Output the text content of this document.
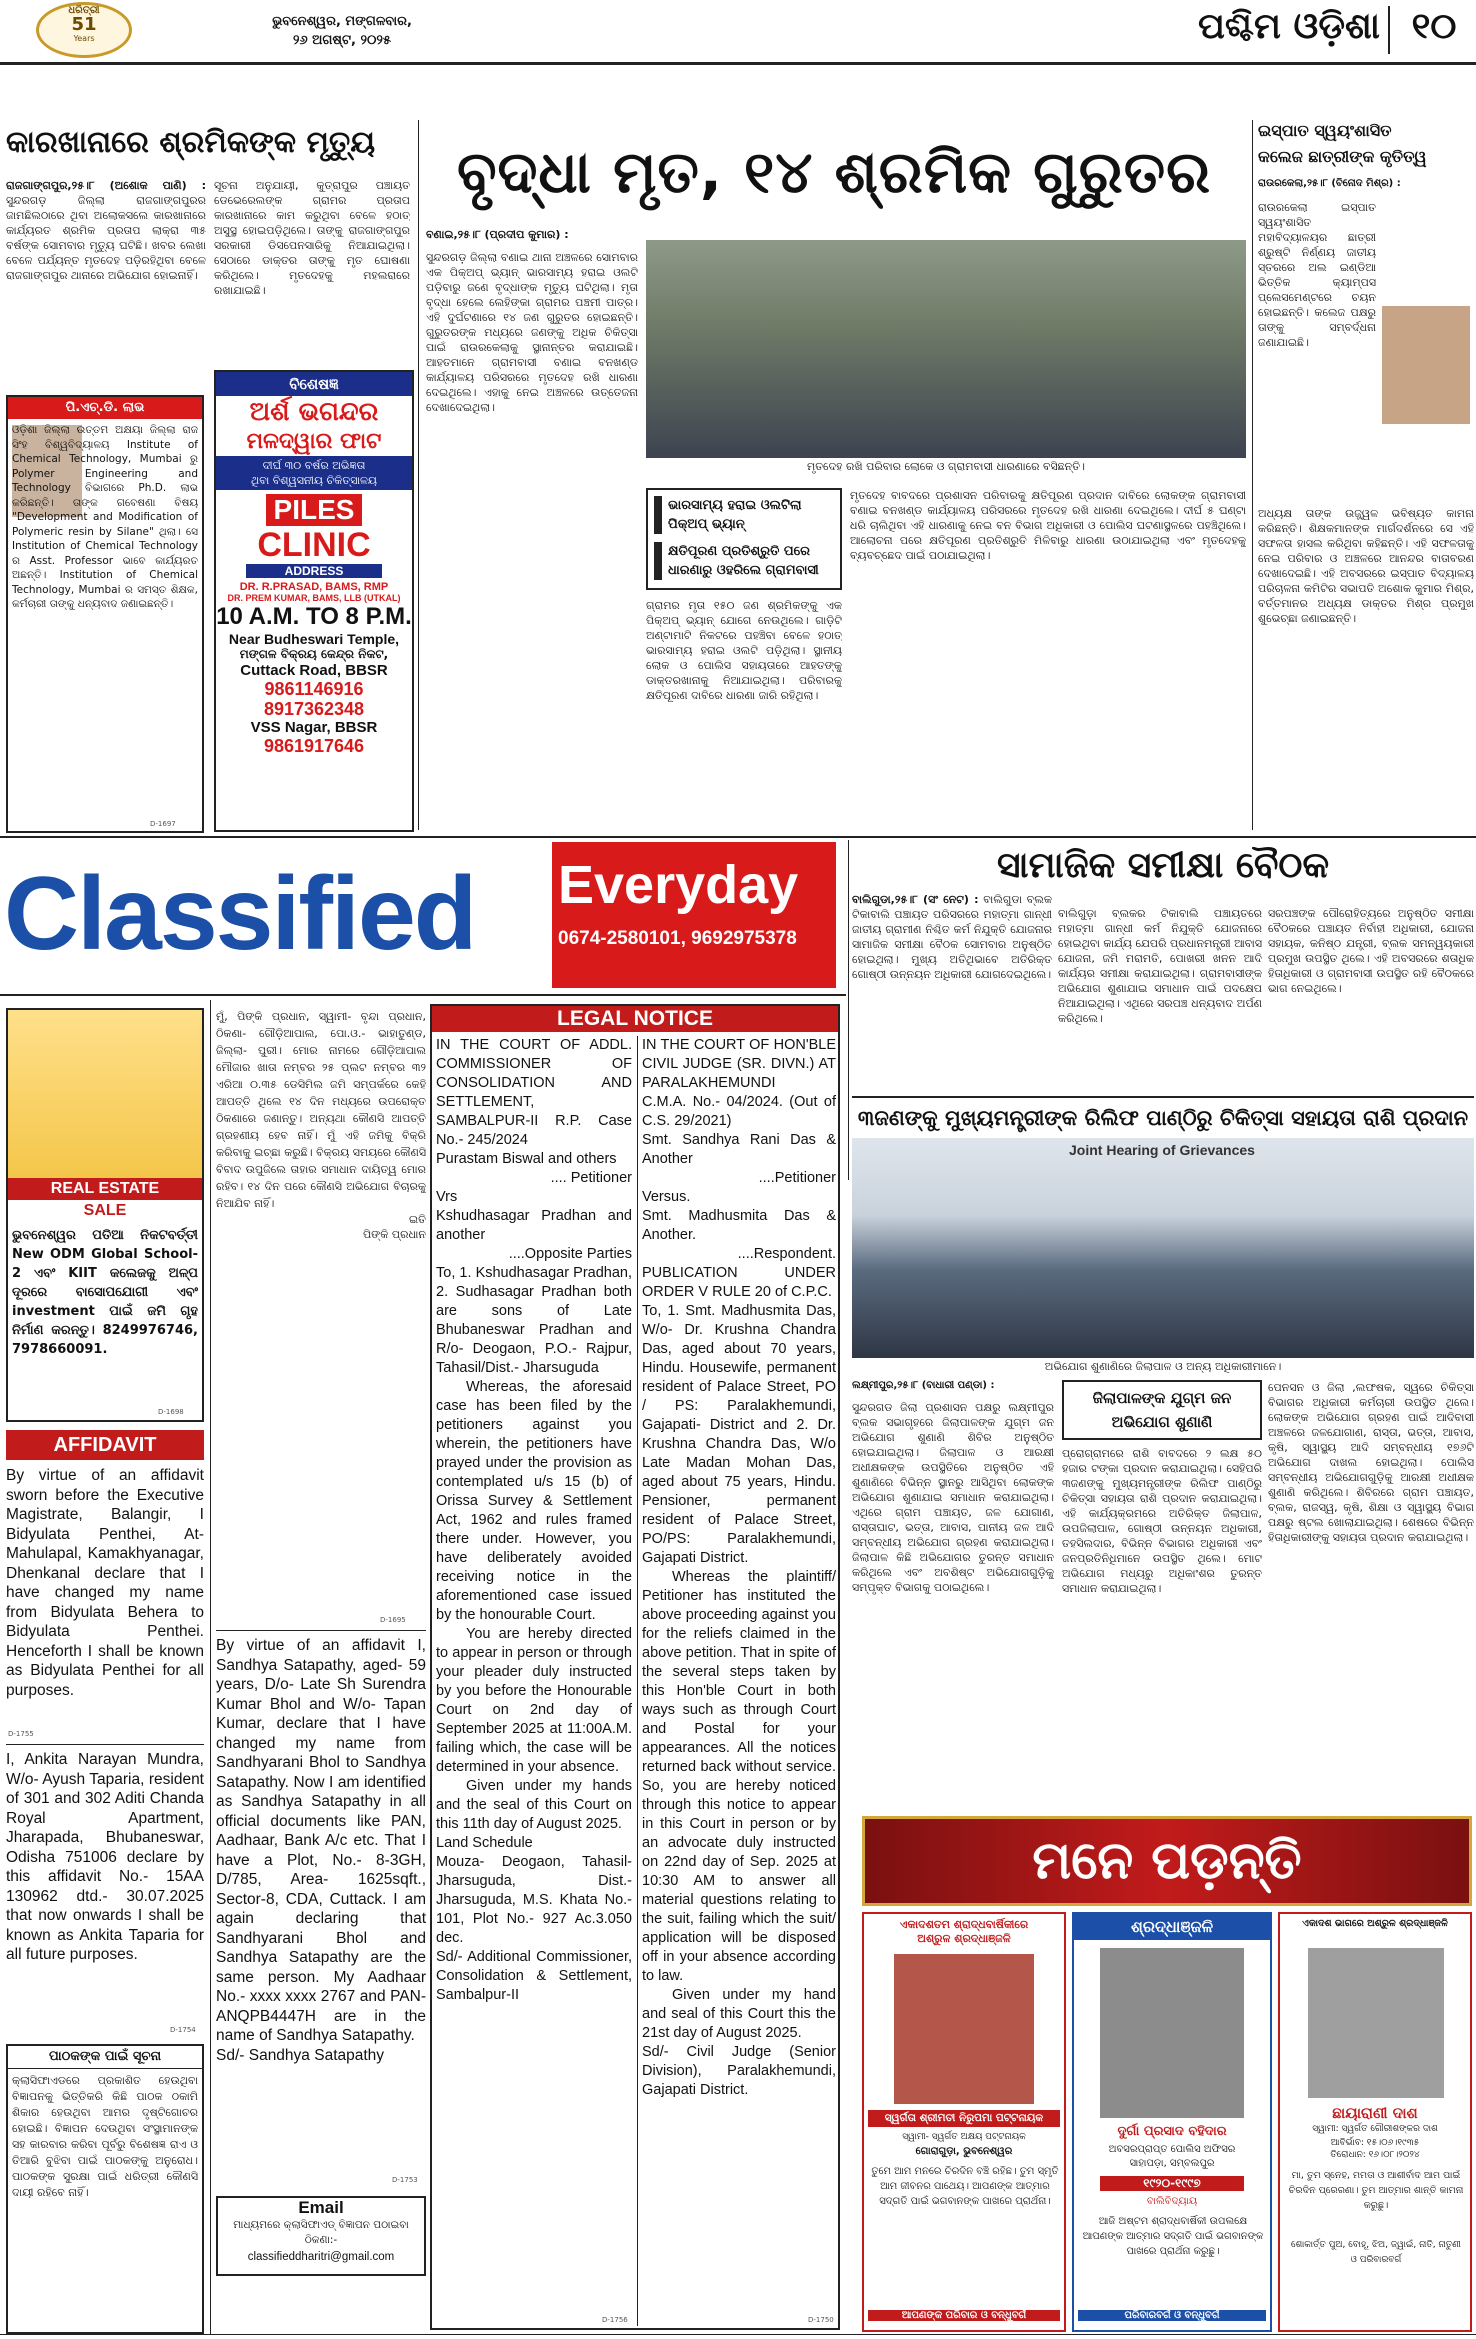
ଧରିତ୍ରୀ
51
Years
ଭୁବନେଶ୍ୱର, ମଙ୍ଗଳବାର,
୨୬ ଅଗଷ୍ଟ, ୨୦୨୫	ପଶ୍ଚିମ ଓଡ଼ିଶା ୧୦
କାରଖାନାରେ ଶ୍ରମିକଙ୍କ ମୃତ୍ୟୁ
ରାଜଗାଙ୍ଗପୁର,୨୫।୮ (ଅଶୋକ ପାଣି) : ସୁନ୍ଦରଗଡ଼ ଜିଲ୍ଲା ରାଜଗାଙ୍ଗପୁରର ଜାମଛିଲଠାରେ ଥିବା ଅଲୋକସଲେ କାରଖାନାରେ କାର୍ଯ୍ୟରତ ଶ୍ରମିକ ପ୍ରତାପ ଲାକ୍ରା ୩୫ ବର୍ଷଙ୍କ ସୋମବାର ମୃତ୍ୟୁ ଘଟିଛି। ଖବର ଲେଖା ବେଳେ ପର୍ଯ୍ୟନ୍ତ ମୃତଦେହ ପଡ଼ିରହିଥିବା ବେଳେ ରାଜଗାଙ୍ଗପୁର ଥାନାରେ ଅଭିଯୋଗ ହୋଇନାହିଁ।
ସୂଚନା ଅନୁଯାୟୀ, କୁତ୍ରାପୁର ପଞ୍ଚାୟତ ଡେଭେରେଲଙ୍କ ଗ୍ରାମର ପ୍ରତାପ କାରଖାନାରେ କାମ କରୁଥିବା ବେଳେ ହଠାତ୍ ଅସୁସ୍ଥ ହୋଇପଡ଼ିଥିଲେ। ତାଙ୍କୁ ରାଜଗାଙ୍ଗପୁର ସରକାରୀ ଡିସପେନସାରିକୁ ନିଆଯାଇଥିଲା। ସେଠାରେ ଡାକ୍ତର ତାଙ୍କୁ ମୃତ ଘୋଷଣା କରିଥିଲେ। ମୃତଦେହକୁ ମହଲରାରେ ରଖାଯାଇଛି।
ପି.ଏଚ୍.ଡି. ଲାଭ
ଓଡ଼ିଶା ଜିଲ୍ଲା ଉତ୍ତମ ଅକ୍ଷୟା ଜିଲ୍ଲା ରାଜ ସିଂହ ବିଶ୍ୱବିଦ୍ୟାଳୟ Institute of Chemical Technology, Mumbai ରୁ Polymer Engineering and Technology ବିଭାଗରେ Ph.D. ଲାଭ କରିଛନ୍ତି। ତାଙ୍କ ଗବେଷଣା ବିଷୟ "Development and Modification of Polymeric resin by Silane" ଥିଲା। ସେ Institution of Chemical Technology ର Asst. Professor ଭାବେ କାର୍ଯ୍ୟରତ ଅଛନ୍ତି। Institution of Chemical Technology, Mumbai ର ସମସ୍ତ ଶିକ୍ଷକ, କର୍ମଚାରୀ ତାଙ୍କୁ ଧନ୍ୟବାଦ ଜଣାଇଛନ୍ତି।
D-1697
ବିଶେଷଜ୍ଞ
ଅର୍ଶ ଭଗନ୍ଦର
ମଳଦ୍ୱାର ଫାଟ
ଦୀର୍ଘ ୩୦ ବର୍ଷର ଅଭିଜ୍ଞତା
ଥିବା ବିଶ୍ୱସନୀୟ ଚିକିତ୍ସାଳୟ
PILES
CLINIC
ADDRESS
DR. R.PRASAD, BAMS, RMP
DR. PREM KUMAR, BAMS, LLB (UTKAL)
10 A.M. TO 8 P.M.
Near Budheswari Temple,
ମଙ୍ଗଳ ବିକ୍ରୟ କେନ୍ଦ୍ର ନିକଟ,
Cuttack Road, BBSR
9861146916
8917362348
VSS Nagar, BBSR
9861917646
ବୃଦ୍ଧା ମୃତ, ୧୪ ଶ୍ରମିକ ଗୁରୁତର
ବଣାଇ,୨୫।୮ (ପ୍ରଦୀପ କୁମାର) :
ସୁନ୍ଦରଗଡ଼ ଜିଲ୍ଲା ବଣାଇ ଥାନା ଅଞ୍ଚଳରେ ସୋମବାର ଏକ ପିକ୍‌ଅପ୍ ଭ୍ୟାନ୍ ଭାରସାମ୍ୟ ହରାଇ ଓଲଟି ପଡ଼ିବାରୁ ଜଣେ ବୃଦ୍ଧାଙ୍କ ମୃତ୍ୟୁ ଘଟିଥିଲା। ମୃତା ବୃଦ୍ଧା ହେଲେ ଲେହିଙ୍କା ଗ୍ରାମର ପଞ୍ଚମୀ ପାତ୍ର। ଏହି ଦୁର୍ଘଟଣାରେ ୧୪ ଜଣ ଗୁରୁତର ହୋଇଛନ୍ତି। ଗୁରୁତରଙ୍କ ମଧ୍ୟରେ ଜଣଙ୍କୁ ଅଧିକ ଚିକିତ୍ସା ପାଇଁ ରାଉରକେଲାକୁ ସ୍ଥାନାନ୍ତର କରାଯାଇଛି। ଆହତମାନେ ଗ୍ରାମବାସୀ ବଣାଇ ବନଖଣ୍ଡ କାର୍ଯ୍ୟାଳୟ ପରିସରରେ ମୃତଦେହ ରଖି ଧାରଣା ଦେଇଥିଲେ। ଏହାକୁ ନେଇ ଅଞ୍ଚଳରେ ଉତ୍ତେଜନା ଦେଖାଦେଇଥିଲା।
ମୃତଦେହ ରଖି ପରିବାର ଲୋକେ ଓ ଗ୍ରାମବାସୀ ଧାରଣାରେ ବସିଛନ୍ତି।
ଭାରସାମ୍ୟ ହରାଇ ଓଲଟିଲା ପିକ୍‌ଅପ୍ ଭ୍ୟାନ୍
କ୍ଷତିପୂରଣ ପ୍ରତିଶ୍ରୁତି ପରେ ଧାରଣାରୁ ଓହରିଲେ ଗ୍ରାମବାସୀ
ଗ୍ରାମର ମୃତା ୧୫୦ ଜଣ ଶ୍ରମିକଙ୍କୁ ଏକ ପିକ୍‌ଅପ୍ ଭ୍ୟାନ୍ ଯୋଗେ ନେଉଥିଲେ। ଗାଡ଼ିଟି ଅଣ୍ଟାମାଟି ନିକଟରେ ପହଞ୍ଚିବା ବେଳେ ହଠାତ୍ ଭାରସାମ୍ୟ ହରାଇ ଓଲଟି ପଡ଼ିଥିଲା। ସ୍ଥାନୀୟ ଲୋକ ଓ ପୋଲିସ ସହାୟତାରେ ଆହତଙ୍କୁ ଡାକ୍ତରଖାନାକୁ ନିଆଯାଇଥିଲା। ପରିବାରକୁ କ୍ଷତିପୂରଣ ଦାବିରେ ଧାରଣା ଜାରି ରହିଥିଲା।
ମୃତଦେହ ବାବଦରେ ପ୍ରଶାସନ ପରିବାରକୁ କ୍ଷତିପୂରଣ ପ୍ରଦାନ ଦାବିରେ ଲୋକଙ୍କ ଗ୍ରାମବାସୀ ବଣାଇ ବନଖଣ୍ଡ କାର୍ଯ୍ୟାଳୟ ପରିସରରେ ମୃତଦେହ ରଖି ଧାରଣା ଦେଇଥିଲେ। ଦୀର୍ଘ ୫ ଘଣ୍ଟା ଧରି ଚାଲିଥିବା ଏହି ଧାରଣାକୁ ନେଇ ବନ ବିଭାଗ ଅଧିକାରୀ ଓ ପୋଲିସ ଘଟଣାସ୍ଥଳରେ ପହଞ୍ଚିଥିଲେ। ଆଲୋଚନା ପରେ କ୍ଷତିପୂରଣ ପ୍ରତିଶ୍ରୁତି ମିଳିବାରୁ ଧାରଣା ଉଠାଯାଇଥିଲା ଏବଂ ମୃତଦେହକୁ ବ୍ୟବଚ୍ଛେଦ ପାଇଁ ପଠାଯାଇଥିଲା।
ଇସ୍ପାତ ସ୍ୱୟଂଶାସିତ
କଲେଜ ଛାତ୍ରୀଙ୍କ କୃତିତ୍ୱ
ରାଉରକେଲା,୨୫।୮ (ବିନୋଦ ମିଶ୍ର) :
ରାଉରକେଲା ଇସ୍ପାତ ସ୍ୱୟଂଶାସିତ ମହାବିଦ୍ୟାଳୟର ଛାତ୍ରୀ ଶ୍ରୁଷ୍ଟି ନିର୍ଣ୍ଣୟ ଜାତୀୟ ସ୍ତରରେ ଅଲ ଇଣ୍ଡିଆ ଭିତ୍ତିକ କ୍ୟାମ୍ପସ ପ୍ଲେସମେଣ୍ଟରେ ଚୟନ ହୋଇଛନ୍ତି। କଲେଜ ପକ୍ଷରୁ ତାଙ୍କୁ ସମ୍ବର୍ଦ୍ଧନା ଜଣାଯାଇଛି।
ଅଧ୍ୟକ୍ଷ ତାଙ୍କ ଉଜ୍ଜ୍ୱଳ ଭବିଷ୍ୟତ କାମନା କରିଛନ୍ତି। ଶିକ୍ଷକମାନଙ୍କ ମାର୍ଗଦର୍ଶନରେ ସେ ଏହି ସଫଳତା ହାସଲ କରିଥିବା କହିଛନ୍ତି। ଏହି ସଫଳତାକୁ ନେଇ ପରିବାର ଓ ଅଞ୍ଚଳରେ ଆନନ୍ଦର ବାତାବରଣ ଦେଖାଦେଇଛି। ଏହି ଅବସରରେ ଇସ୍ପାତ ବିଦ୍ୟାଳୟ ପରିଚାଳନା କମିଟିର ସଭାପତି ଅଶୋକ କୁମାର ମିଶ୍ର, ବର୍ତ୍ତମାନର ଅଧ୍ୟକ୍ଷ ଡାକ୍ତର ମିଶ୍ର ପ୍ରମୁଖ ଶୁଭେଚ୍ଛା ଜଣାଇଛନ୍ତି।
Classified Everyday
0674-2580101, 9692975378
ସାମାଜିକ ସମୀକ୍ଷା ବୈଠକ
ବାଲିଗୁଡା,୨୫।୮ (ସଂ ନେଟ) : ବାଲିଗୁଡା ବ୍ଲକ ଟିକାବାଲି ପଞ୍ଚାୟତ ପରିସରରେ ମହାତ୍ମା ଗାନ୍ଧୀ ଜାତୀୟ ଗ୍ରାମୀଣ ନିଶ୍ଚିତ କର୍ମ ନିଯୁକ୍ତି ଯୋଜନାର ସାମାଜିକ ସମୀକ୍ଷା ବୈଠକ ସୋମବାର ଅନୁଷ୍ଠିତ ହୋଇଥିଲା। ମୁଖ୍ୟ ଅତିଥିଭାବେ ଅତିରିକ୍ତ ଗୋଷ୍ଠୀ ଉନ୍ନୟନ ଅଧିକାରୀ ଯୋଗଦେଇଥିଲେ।
ବାଲିଗୁଡ଼ା ବ୍ଲକର ଟିକାବାଲି ପଞ୍ଚାୟତରେ ମହାତ୍ମା ଗାନ୍ଧୀ କର୍ମ ନିଯୁକ୍ତି ଯୋଜନାରେ ହୋଇଥିବା କାର୍ଯ୍ୟ ଯେପରି ପ୍ରଧାନମନ୍ତ୍ରୀ ଆବାସ ଯୋଜନା, ଜମି ମରାମତି, ପୋଖରୀ ଖନନ ଆଦି କାର୍ଯ୍ୟର ସମୀକ୍ଷା କରାଯାଇଥିଲା। ଗ୍ରାମବାସୀଙ୍କ ଅଭିଯୋଗ ଶୁଣାଯାଇ ସମାଧାନ ପାଇଁ ପଦକ୍ଷେପ ନିଆଯାଇଥିଲା। ଏଥିରେ ସରପଞ୍ଚ ଧନ୍ୟବାଦ ଅର୍ପଣ କରିଥିଲେ।
ସରପଞ୍ଚଙ୍କ ପୌରୋହିତ୍ୟରେ ଅନୁଷ୍ଠିତ ସମୀକ୍ଷା ବୈଠକରେ ପଞ୍ଚାୟତ ନିର୍ବାହୀ ଅଧିକାରୀ, ଯୋଜନା ସହାୟକ, କନିଷ୍ଠ ଯନ୍ତ୍ରୀ, ବ୍ଲକ ସମନ୍ୱୟକାରୀ ପ୍ରମୁଖ ଉପସ୍ଥିତ ଥିଲେ। ଏହି ଅବସରରେ ଶତାଧିକ ହିତାଧିକାରୀ ଓ ଗ୍ରାମବାସୀ ଉପସ୍ଥିତ ରହି ବୈଠକରେ ଭାଗ ନେଇଥିଲେ।
୩ଜଣଙ୍କୁ ମୁଖ୍ୟମନ୍ତ୍ରୀଙ୍କ ରିଲିଫ ପାଣ୍ଠିରୁ ଚିକିତ୍ସା ସହାୟତା ରାଶି ପ୍ରଦାନ
Joint Hearing of Grievances
ଅଭିଯୋଗ ଶୁଣାଣିରେ ଜିଲାପାଳ ଓ ଅନ୍ୟ ଅଧିକାରୀମାନେ।
ଲକ୍ଷ୍ମୀପୁର,୨୫।୮ (ବାଧାରୀ ପଣ୍ଡା) :
ଜିଲାପାଳଙ୍କ ଯୁଗ୍ମ ଜନ
ଅଭିଯୋଗ ଶୁଣାଣି
ସୁନ୍ଦରଗଡ ଜିଲା ପ୍ରଶାସନ ପକ୍ଷରୁ ଲକ୍ଷ୍ମୀପୁର ବ୍ଲକ ସଭାଗୃହରେ ଜିଲାପାଳଙ୍କ ଯୁଗ୍ମ ଜନ ଅଭିଯୋଗ ଶୁଣାଣି ଶିବିର ଅନୁଷ୍ଠିତ ହୋଇଯାଇଥିଲା। ଜିଲାପାଳ ଓ ଆରକ୍ଷୀ ଅଧୀକ୍ଷକଙ୍କ ଉପସ୍ଥିତିରେ ଅନୁଷ୍ଠିତ ଏହି ଶୁଣାଣିରେ ବିଭିନ୍ନ ସ୍ଥାନରୁ ଆସିଥିବା ଲୋକଙ୍କ ଅଭିଯୋଗ ଶୁଣାଯାଇ ସମାଧାନ କରାଯାଇଥିଲା। ଏଥିରେ ଗ୍ରାମ ପଞ୍ଚାୟତ, ଜଳ ଯୋଗାଣ, ରାସ୍ତାଘାଟ, ଭତ୍ତା, ଆବାସ, ପାନୀୟ ଜଳ ଆଦି ସମ୍ବନ୍ଧୀୟ ଅଭିଯୋଗ ଗ୍ରହଣ କରାଯାଇଥିଲା। ଜିଲାପାଳ କିଛି ଅଭିଯୋଗର ତୁରନ୍ତ ସମାଧାନ କରିଥିଲେ ଏବଂ ଅବଶିଷ୍ଟ ଅଭିଯୋଗଗୁଡ଼ିକୁ ସମ୍ପୃକ୍ତ ବିଭାଗକୁ ପଠାଇଥିଲେ।
ପ୍ରୋଗ୍ରାମରେ ରାଶି ବାବଦରେ ୨ ଲକ୍ଷ ୫୦ ହଜାର ଟଙ୍କା ପ୍ରଦାନ କରାଯାଇଥିଲା। ସେହିପରି ୩ଜଣଙ୍କୁ ମୁଖ୍ୟମନ୍ତ୍ରୀଙ୍କ ରିଲିଫ ପାଣ୍ଠିରୁ ଚିକିତ୍ସା ସହାୟତା ରାଶି ପ୍ରଦାନ କରାଯାଇଥିଲା। ଏହି କାର୍ଯ୍ୟକ୍ରମରେ ଅତିରିକ୍ତ ଜିଲାପାଳ, ଉପଜିଲାପାଳ, ଗୋଷ୍ଠୀ ଉନ୍ନୟନ ଅଧିକାରୀ, ତହସିଲଦାର, ବିଭିନ୍ନ ବିଭାଗର ଅଧିକାରୀ ଏବଂ ଜନପ୍ରତିନିଧିମାନେ ଉପସ୍ଥିତ ଥିଲେ। ମୋଟ ଅଭିଯୋଗ ମଧ୍ୟରୁ ଅଧିକାଂଶର ତୁରନ୍ତ ସମାଧାନ କରାଯାଇଥିଲା।
ପେନସନ ଓ ଜିଲା ,ଲଫଷକ, ସ୍ୱରେ ଚିକିତ୍ସା ବିଭାଗର ଅଧିକାରୀ କର୍ମଚାରୀ ଉପସ୍ଥିତ ଥିଲେ। ଲୋକଙ୍କ ଅଭିଯୋଗ ଗ୍ରହଣ ପାଇଁ ଆଦିବାସୀ ଅଞ୍ଚଳରେ ଜଳଯୋଗାଣ, ରାସ୍ତା, ଭତ୍ତା, ଆବାସ, କୃଷି, ସ୍ୱାସ୍ଥ୍ୟ ଆଦି ସମ୍ବନ୍ଧୀୟ ୧୭୬ଟି ଅଭିଯୋଗ ଦାଖଲ ହୋଇଥିଲା। ପୋଲିସ ସମ୍ବନ୍ଧୀୟ ଅଭିଯୋଗଗୁଡ଼ିକୁ ଆରକ୍ଷୀ ଅଧୀକ୍ଷକ ଶୁଣାଣି କରିଥିଲେ। ଶିବିରରେ ଗ୍ରାମ ପଞ୍ଚାୟତ, ବ୍ଲକ, ରାଜସ୍ୱ, କୃଷି, ଶିକ୍ଷା ଓ ସ୍ୱାସ୍ଥ୍ୟ ବିଭାଗ ପକ୍ଷରୁ ଷ୍ଟଲ ଖୋଲାଯାଇଥିଲା। ଶେଷରେ ବିଭିନ୍ନ ହିତାଧିକାରୀଙ୍କୁ ସହାୟତା ପ୍ରଦାନ କରାଯାଇଥିଲା।
ମନେ ପଡ଼ନ୍ତି
ଏକାଦଶତମ ଶ୍ରାଦ୍ଧବାର୍ଷିକୀରେ
ଅଶ୍ରୁଳ ଶ୍ରଦ୍ଧାଞ୍ଜଳି
ସ୍ୱର୍ଗତା ଶ୍ରୀମତୀ ନିରୁପମା ପଟ୍ଟନାୟକ
ସ୍ୱାମୀ- ସ୍ୱର୍ଗତ ଅକ୍ଷୟ ପଟ୍ଟନାୟକ
ଗୋରାଗୁଡ଼ା, ଭୁବନେଶ୍ୱର
ତୁମେ ଆମ ମନରେ ଚିରଦିନ ବଞ୍ଚି ରହିଛ। ତୁମ ସ୍ମୃତି ଆମ ଜୀବନର ପାଥେୟ। ଆପଣଙ୍କ ଆତ୍ମାର ସଦ୍ଗତି ପାଇଁ ଭଗବାନଙ୍କ ପାଖରେ ପ୍ରାର୍ଥନା।
ଆପଣଙ୍କ ପରିବାର ଓ ବନ୍ଧୁବର୍ଗ
ଶ୍ରଦ୍ଧାଞ୍ଜଳି
ଦୁର୍ଗା ପ୍ରସାଦ ବହିଦାର
ଅବସରପ୍ରାପ୍ତ ପୋଲିସ ଅଫିସର
ସାହାପଡ଼ା, ସମ୍ବଲପୁର
୧୯୨୦-୧୯୯୭
ବାଲିବିଦ୍ୟାୟ
ଆଜି ଅଷ୍ଟମ ଶ୍ରାଦ୍ଧବାର୍ଷିକୀ ଉପଲକ୍ଷେ ଆପଣଙ୍କ ଆତ୍ମାର ସଦ୍ଗତି ପାଇଁ ଭଗବାନଙ୍କ ପାଖରେ ପ୍ରାର୍ଥନା କରୁଛୁ।
ପରିବାରବର୍ଗ ଓ ବନ୍ଧୁବର୍ଗ
ଏକାଦଶ ଭାଗରେ ଅଶ୍ରୁଳ ଶ୍ରଦ୍ଧାଞ୍ଜଳି
ଛାୟାରାଣୀ ଦାଶ
ସ୍ୱାମୀ: ସ୍ୱର୍ଗତ ଗୌରୀଶଙ୍କର ଦାଶ
ଆବିର୍ଭାବ: ୧୫।୦୬।୧୯୩୫
ତିରୋଧାନ: ୧୬।୦୮।୨୦୨୪
ମା, ତୁମ ସ୍ନେହ, ମମତା ଓ ଆଶୀର୍ବାଦ ଆମ ପାଇଁ ଚିରଦିନ ପ୍ରେରଣା। ତୁମ ଆତ୍ମାର ଶାନ୍ତି କାମନା କରୁଛୁ।
ଶୋକାର୍ତ୍ତ ପୁଅ, ବୋହୂ, ଝିଅ, ଜ୍ୱାଇଁ, ନାତି, ନାତୁଣୀ ଓ ପରିବାରବର୍ଗ
REAL ESTATE
SALE
ଭୁବନେଶ୍ୱର ପତିଆ ନିକଟବର୍ତ୍ତୀ New ODM Global School-2 ଏବଂ KIIT କଲେଜକୁ ଅଳ୍ପ ଦୂରରେ ବାସୋପଯୋଗୀ ଏବଂ investment ପାଇଁ ଜମି ଗୃହ ନିର୍ମାଣ କରନ୍ତୁ। 8249976746, 7978660091.
D-1698
AFFIDAVIT

By virtue of an affidavit sworn before the Executive Magistrate, Balangir, I Bidyulata Penthei, At- Mahulapal, Kamakhyanagar, Dhenkanal declare that I have changed my name from Bidyulata Behera to Bidyulata Penthei. Henceforth I shall be known as Bidyulata Penthei for all purposes.

D-1755

I, Ankita Narayan Mundra, W/o- Ayush Taparia, resident of 301 and 302 Aditi Chanda Royal Apartment, Jharapada, Bhubaneswar, Odisha 751006 declare by this affidavit No.- 15AA 130962 dtd.- 30.07.2025 that now onwards I shall be known as Ankita Taparia for all future purposes.

D-1754
ପାଠକଙ୍କ ପାଇଁ ସୂଚନା
କ୍ଲାସିଫାଏଡରେ ପ୍ରକାଶିତ ହେଉଥିବା ବିଜ୍ଞାପନକୁ ଭିତ୍ତିକରି କିଛି ପାଠକ ଠକାମି ଶିକାର ହେଉଥିବା ଆମର ଦୃଷ୍ଟିଗୋଚର ହୋଇଛି। ବିଜ୍ଞାପନ ଦେଉଥିବା ସଂସ୍ଥାମାନଙ୍କ ସହ କାରବାର କରିବା ପୂର୍ବରୁ ବିଶେଷଜ୍ଞ ରାଏ ଓ ତିଆରି ବୁଝିବା ପାଇଁ ପାଠକଙ୍କୁ ଅନୁରୋଧ। ପାଠକଙ୍କ ସୁରକ୍ଷା ପାଇଁ ଧରିତ୍ରୀ କୌଣସି ଦାୟୀ ରହିବେ ନାହିଁ।
ମୁଁ, ପିଙ୍କି ପ୍ରଧାନ, ସ୍ୱାମୀ- ବୃନ୍ଦା ପ୍ରଧାନ, ଠିକଣା- ଗୌଡ଼ିଆପାଲ, ପୋ.ଓ.- ଭାହାତୁଣ୍ଡ, ଜିଲ୍ଲା- ପୁରୀ। ମୋର ନାମରେ ଗୌଡ଼ିଆପାଲ ମୌଜାର ଖାତା ନମ୍ବର ୨୫ ପ୍ଲଟ ନମ୍ବର ୩୨ ଏରିଆ ୦.୩୫ ଡେସିମିଲ ଜମି ସମ୍ପର୍କରେ କେହି ଆପତ୍ତି ଥିଲେ ୧୪ ଦିନ ମଧ୍ୟରେ ଉପରୋକ୍ତ ଠିକଣାରେ ଜଣାନ୍ତୁ। ଅନ୍ୟଥା କୌଣସି ଆପତ୍ତି ଗ୍ରହଣୀୟ ହେବ ନାହିଁ। ମୁଁ ଏହି ଜମିକୁ ବିକ୍ରି କରିବାକୁ ଇଚ୍ଛା କରୁଛି। ବିକ୍ରୟ ସମୟରେ କୌଣସି ବିବାଦ ଉପୁଜିଲେ ତାହାର ସମାଧାନ ଦାୟିତ୍ୱ ମୋର ରହିବ। ୧୪ ଦିନ ପରେ କୌଣସି ଅଭିଯୋଗ ବିଚାରକୁ ନିଆଯିବ ନାହିଁ।
ଇତି
ପିଙ୍କି ପ୍ରଧାନ
D-1695

By virtue of an affidavit I, Sandhya Satapathy, aged- 59 years, D/o- Late Sh Surendra Kumar Bhol and W/o- Tapan Kumar, declare that I have changed my name from Sandhyarani Bhol to Sandhya Satapathy. Now I am identified as Sandhya Satapathy in all official documents like PAN, Aadhaar, Bank A/c etc. That I have a Plot, No.- 8-3GH, D/785, Area- 1625sqft., Sector-8, CDA, Cuttack. I am again declaring that Sandhyarani Bhol and Sandhya Satapathy are the same person. My Aadhaar No.- xxxx xxxx 2767 and PAN- ANQPB4447H are in the name of Sandhya Satapathy.

Sd/- Sandhya Satapathy

D-1753
Email
ମାଧ୍ୟମରେ କ୍ଲାସିଫାଏଡ୍ ବିଜ୍ଞାପନ ପଠାଇବା ଠିକଣା:-
classifieddharitri@gmail.com
LEGAL NOTICE

IN THE COURT OF ADDL. COMMISSIONER OF CONSOLIDATION AND SETTLEMENT, SAMBALPUR-II R.P. Case No.- 245/2024

Purastam Biswal and others

.... Petitioner

Vrs

Kshudhasagar Pradhan and another

....Opposite Parties

To, 1. Kshudhasagar Pradhan, 2. Sudhasagar Pradhan both are sons of Late Bhubaneswar Pradhan and R/o- Deogaon, P.O.- Rajpur, Tahasil/Dist.- Jharsuguda

Whereas, the aforesaid case has been filed by the petitioners against you wherein, the petitioners have prayed under the provision as contemplated u/s 15 (b) of Orissa Survey & Settlement Act, 1962 and rules framed there under. However, you have deliberately avoided receiving notice in the aforementioned case issued by the honourable Court.

You are hereby directed to appear in person or through your pleader duly instructed by you before the Honourable Court on 2nd day of September 2025 at 11:00A.M. failing which, the case will be determined in your absence.

Given under my hands and the seal of this Court on this 11th day of August 2025.

Land Schedule

Mouza- Deogaon, Tahasil- Jharsuguda, Dist.- Jharsuguda, M.S. Khata No.- 101, Plot No.- 927 Ac.3.050 dec.

Sd/- Additional Commissioner, Consolidation & Settlement, Sambalpur-II

D-1756

IN THE COURT OF HON'BLE CIVIL JUDGE (SR. DIVN.) AT PARALAKHEMUNDI

C.M.A. No.- 04/2024. (Out of C.S. 29/2021)

Smt. Sandhya Rani Das & Another

....Petitioner

Versus.

Smt. Madhusmita Das & Another.

....Respondent.

PUBLICATION UNDER ORDER V RULE 20 of C.P.C.

To, 1. Smt. Madhusmita Das, W/o- Dr. Krushna Chandra Das, aged about 70 years, Hindu. Housewife, permanent resident of Palace Street, PO / PS: Paralakhemundi, Gajapati- District and 2. Dr. Krushna Chandra Das, W/o Late Madan Mohan Das, aged about 75 years, Hindu. Pensioner, permanent resident of Palace Street, PO/PS: Paralakhemundi, Gajapati District.

Whereas the plaintiff/ Petitioner has instituted the above proceeding against you for the reliefs claimed in the above petition. That in spite of the several steps taken by this Hon'ble Court in both ways such as through Court and Postal for your appearances. All the notices returned back without service. So, you are hereby noticed through this notice to appear in this Court in person or by an advocate duly instructed on 22nd day of Sep. 2025 at 10:30 AM to answer all material questions relating to the suit, failing which the suit/ application will be disposed off in your absence according to law.

Given under my hand and seal of this Court this the 21st day of August 2025.

Sd/- Civil Judge (Senior Division), Paralakhemundi, Gajapati District.

D-1750
